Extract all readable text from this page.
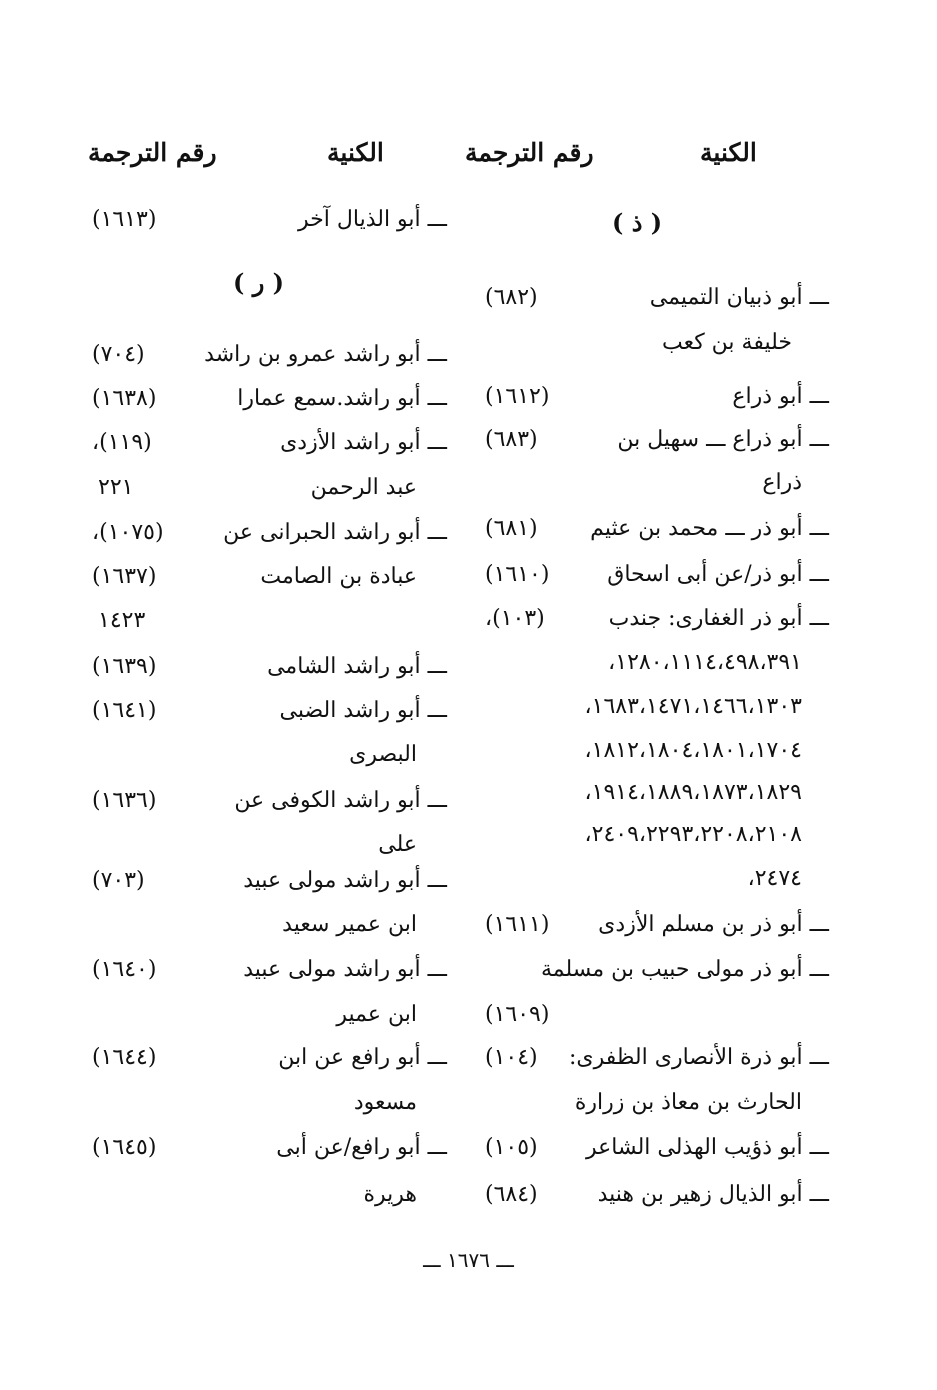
الكنية
رقم الترجمة
الكنية
رقم الترجمة
( ذ )
ـــ أبو ذبيان التميمى
خليفة بن كعب
ـــ أبو ذراع
ـــ أبو ذراع ـــ سهيل بن
ذراع
ـــ أبو ذر ـــ محمد بن عثيم
ـــ أبو ذر/عن أبى اسحاق
ـــ أبو ذر الغفارى: جندب
ـــ أبو ذر بن مسلم الأزدى
ـــ أبو ذر مولى حبيب بن مسلمة
ـــ أبو ذرة الأنصارى الظفرى:
الحارث بن معاذ بن زرارة
ـــ أبو ذؤيب الهذلى الشاعر
ـــ أبو الذيال زهير بن هنيد
(٦٨٢)
(١٦١٢)
(٦٨٣)
(٦٨١)
(١٦١٠)
(١٠٣)،
١٢٨٠،١١١٤،٤٩٨،٣٩١،
١٦٨٣،١٤٧١،١٤٦٦،١٣٠٣،
١٨١٢،١٨٠٤،١٨٠١،١٧٠٤،
١٩١٤،١٨٨٩،١٨٧٣،١٨٢٩،
٢٤٠٩،٢٢٩٣،٢٢٠٨،٢١٠٨،
٢٤٧٤،
(١٦١١)
(١٦٠٩)
(١٠٤)
(١٠٥)
(٦٨٤)
( ر )
ـــ أبو الذيال آخر
ـــ أبو راشد عمرو بن راشد
ـــ أبو راشد.سمع عمارا
ـــ أبو راشد الأزدى
عبد الرحمن
ـــ أبو راشد الحبرانى عن
عبادة بن الصامت
ـــ أبو راشد الشامى
ـــ أبو راشد الضبى
البصرى
ـــ أبو راشد الكوفى عن
على
ـــ أبو راشد مولى عبيد
ابن عمير سعيد
ـــ أبو راشد مولى عبيد
ابن عمير
ـــ أبو رافع عن ابن
مسعود
ـــ أبو رافع/عن أبى
هريرة
(١٦١٣)
(٧٠٤)
(١٦٣٨)
(١١٩)،
٢٢١
(١٠٧٥)،
(١٦٣٧)
١٤٢٣
(١٦٣٩)
(١٦٤١)
(١٦٣٦)
(٧٠٣)
(١٦٤٠)
(١٦٤٤)
(١٦٤٥)
ـــ ١٦٧٦ ـــ
